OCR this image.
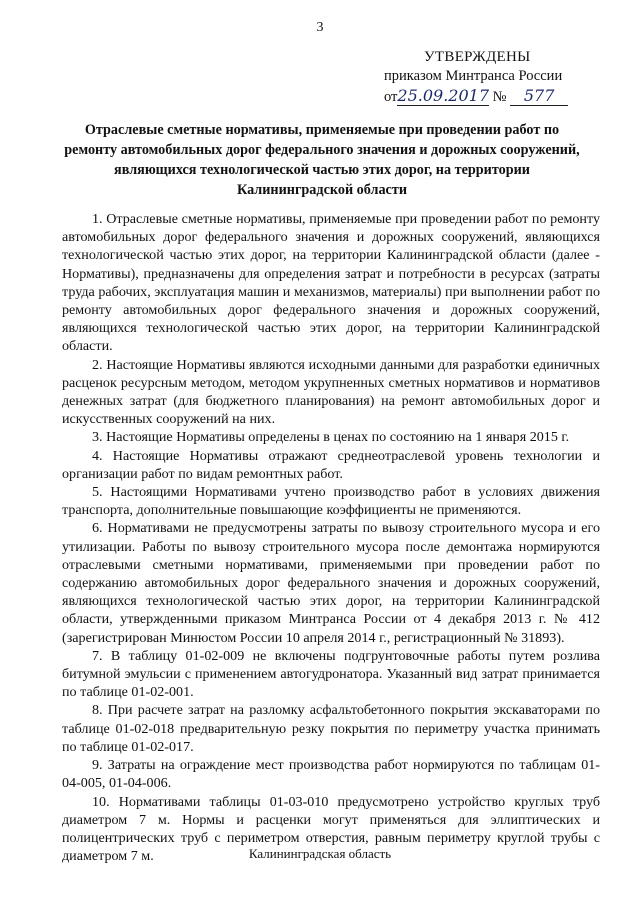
3
УТВЕРЖДЕНЫ
приказом Минтранса России
от25.09.2017 № 577
Отраслевые сметные нормативы, применяемые при проведении работ по ремонту автомобильных дорог федерального значения и дорожных сооружений, являющихся технологической частью этих дорог, на территории Калининградской области

1. Отраслевые сметные нормативы, применяемые при проведении работ по ремонту автомобильных дорог федерального значения и дорожных сооружений, являющихся технологической частью этих дорог, на территории Калининградской области (далее - Нормативы), предназначены для определения затрат и потребности в ресурсах (затраты труда рабочих, эксплуатация машин и механизмов, материалы) при выполнении работ по ремонту автомобильных дорог федерального значения и дорожных сооружений, являющихся технологической частью этих дорог, на территории Калининградской области.

2. Настоящие Нормативы являются исходными данными для разработки единичных расценок ресурсным методом, методом укрупненных сметных нормативов и нормативов денежных затрат (для бюджетного планирования) на ремонт автомобильных дорог и искусственных сооружений на них.

3. Настоящие Нормативы определены в ценах по состоянию на 1 января 2015 г.

4. Настоящие Нормативы отражают среднеотраслевой уровень технологии и организации работ по видам ремонтных работ.

5. Настоящими Нормативами учтено производство работ в условиях движения транспорта, дополнительные повышающие коэффициенты не применяются.

6. Нормативами не предусмотрены затраты по вывозу строительного мусора и его утилизации. Работы по вывозу строительного мусора после демонтажа нормируются отраслевыми сметными нормативами, применяемыми при проведении работ по содержанию автомобильных дорог федерального значения и дорожных сооружений, являющихся технологической частью этих дорог, на территории Калининградской области, утвержденными приказом Минтранса России от 4 декабря 2013 г. № 412 (зарегистрирован Минюстом России 10 апреля 2014 г., регистрационный № 31893).

7. В таблицу 01-02-009 не включены подгрунтовочные работы путем розлива битумной эмульсии с применением автогудронатора. Указанный вид затрат принимается по таблице 01-02-001.

8. При расчете затрат на разломку асфальтобетонного покрытия экскаваторами по таблице 01-02-018 предварительную резку покрытия по периметру участка принимать по таблице 01-02-017.

9. Затраты на ограждение мест производства работ нормируются по таблицам 01-04-005, 01-04-006.

10. Нормативами таблицы 01-03-010 предусмотрено устройство круглых труб диаметром 7 м. Нормы и расценки могут применяться для эллиптических и полицентрических труб с периметром отверстия, равным периметру круглой трубы с диаметром 7 м.	Калининградская область
